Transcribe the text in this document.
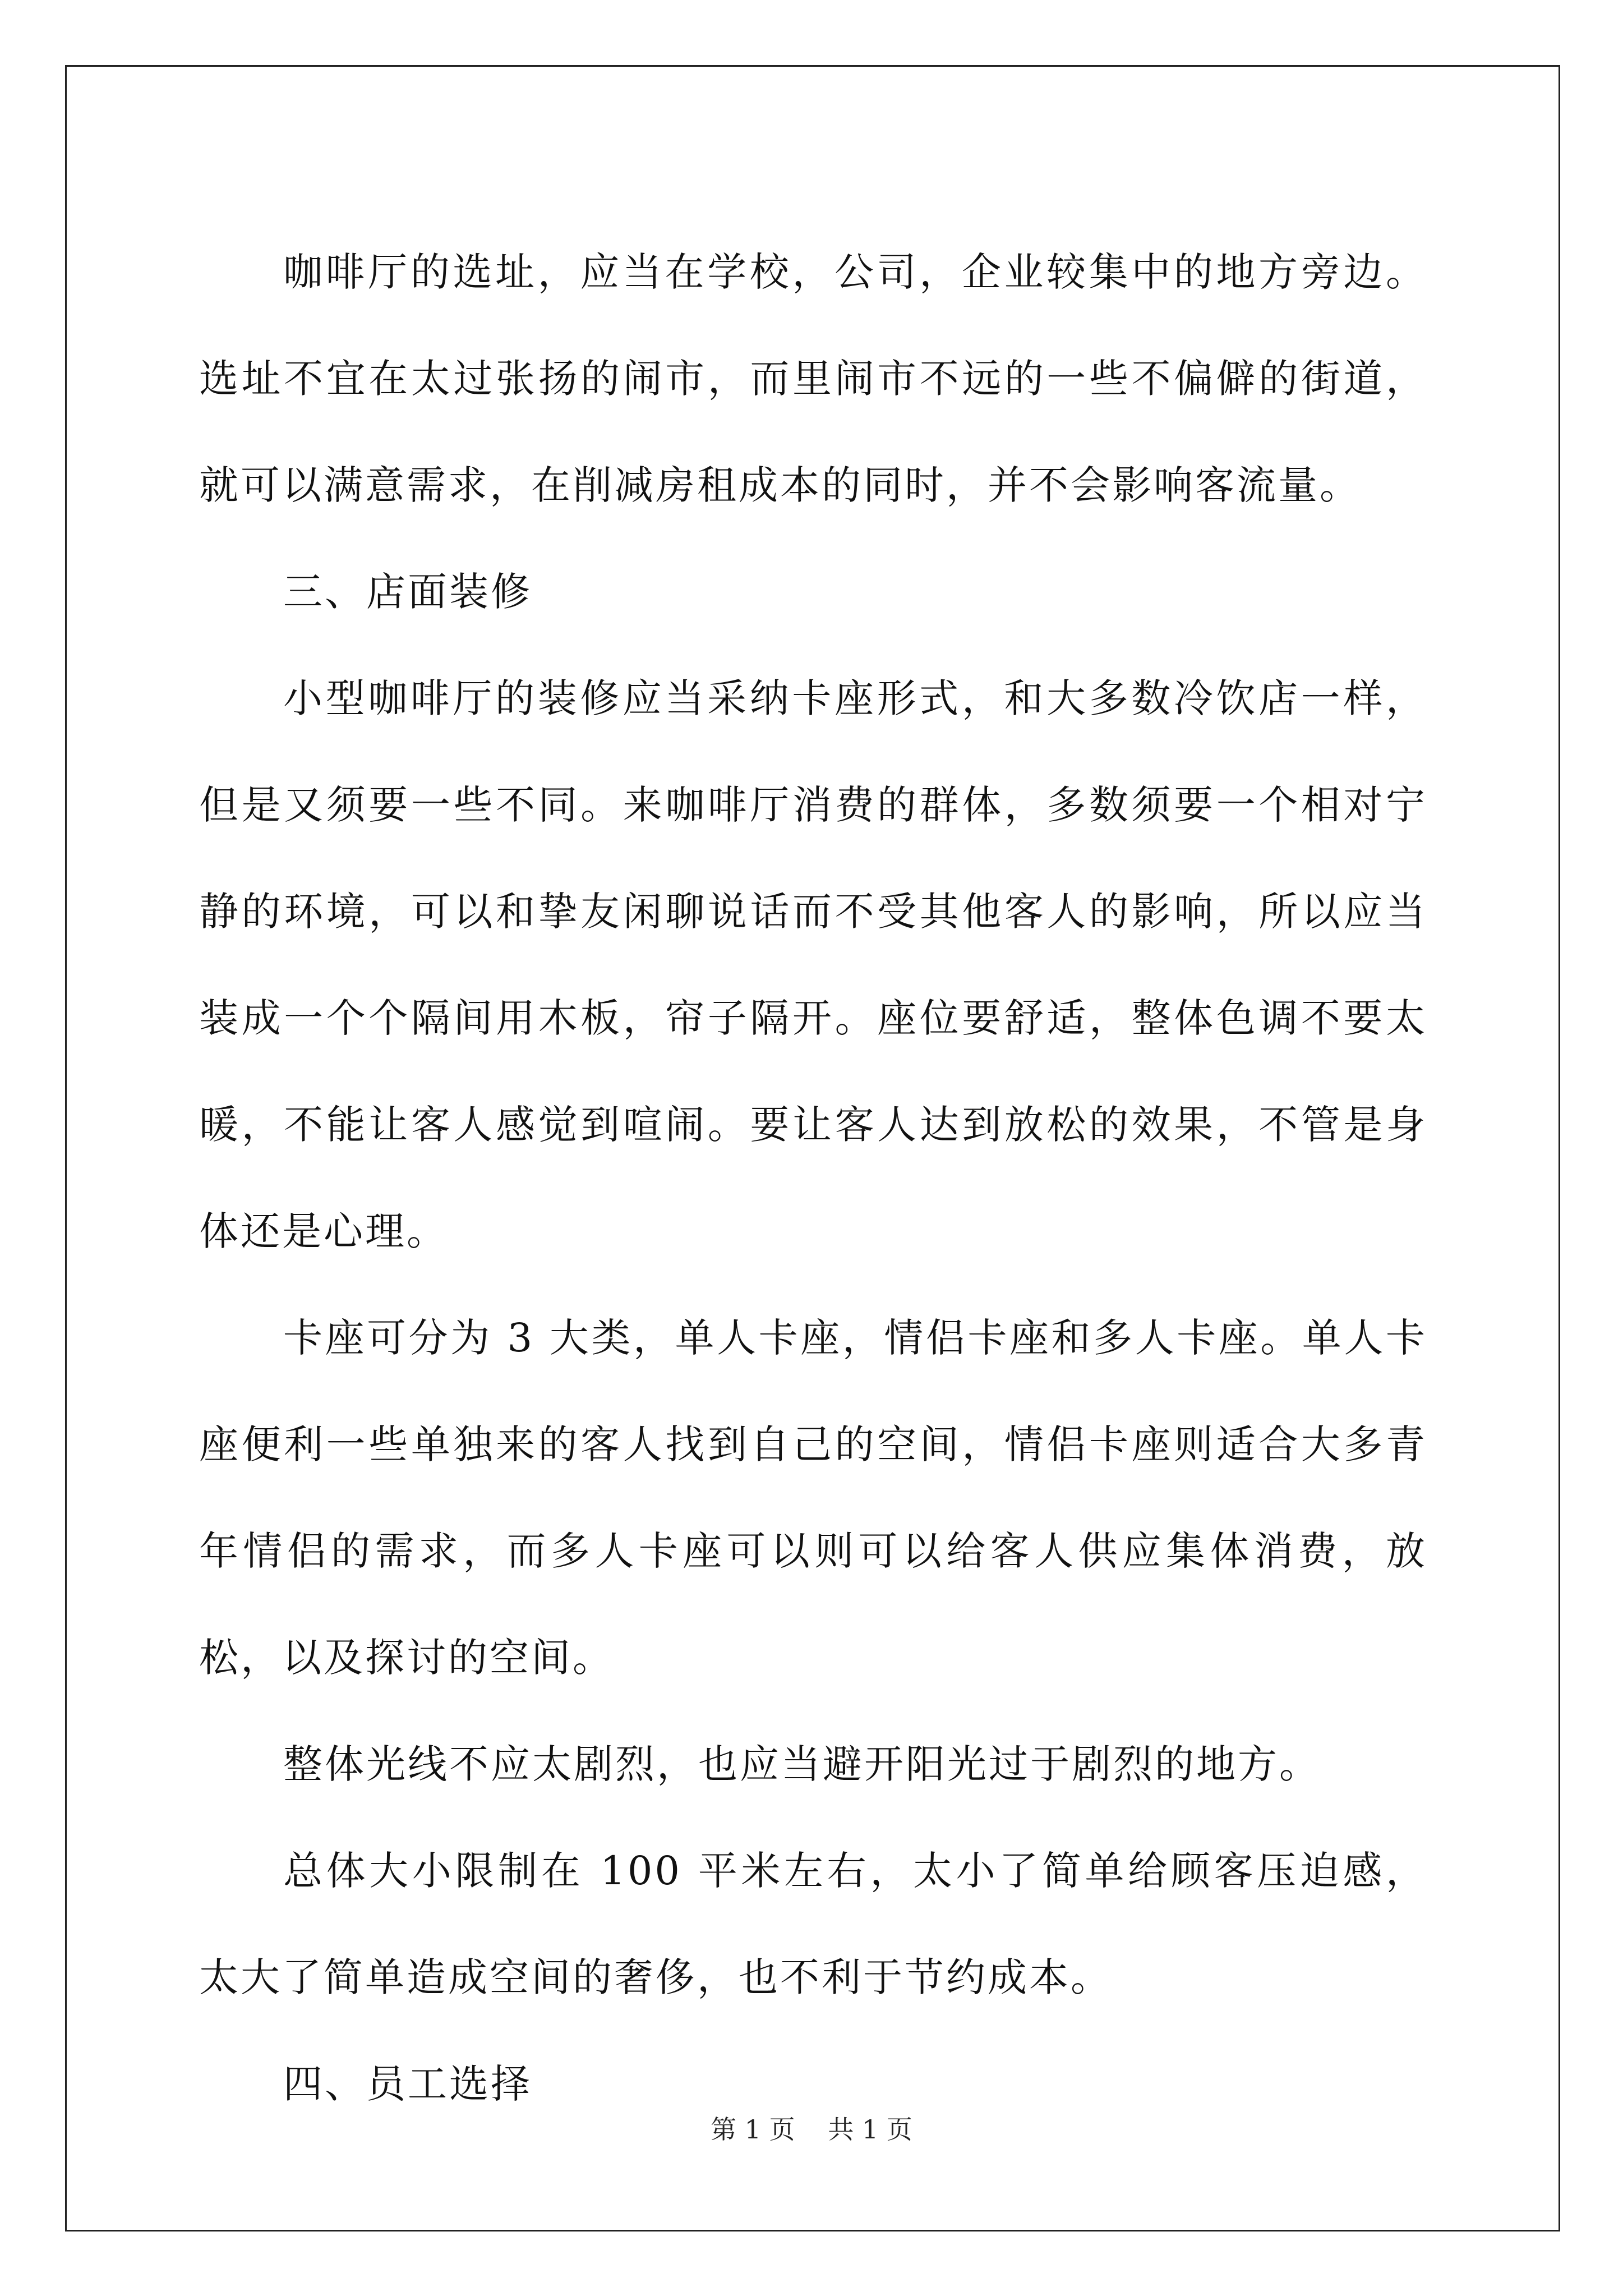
咖啡厅的选址，应当在学校，公司，企业较集中的地方旁边。选址不宜在太过张扬的闹市，而里闹市不远的一些不偏僻的街道，就可以满意需求，在削减房租成本的同时，并不会影响客流量。

三、店面装修

小型咖啡厅的装修应当采纳卡座形式，和大多数冷饮店一样，但是又须要一些不同。来咖啡厅消费的群体，多数须要一个相对宁静的环境，可以和挚友闲聊说话而不受其他客人的影响，所以应当装成一个个隔间用木板，帘子隔开。座位要舒适，整体色调不要太暖，不能让客人感觉到喧闹。要让客人达到放松的效果，不管是身体还是心理。

卡座可分为 3 大类，单人卡座，情侣卡座和多人卡座。单人卡座便利一些单独来的客人找到自己的空间，情侣卡座则适合大多青年情侣的需求，而多人卡座可以则可以给客人供应集体消费，放松，以及探讨的空间。

整体光线不应太剧烈，也应当避开阳光过于剧烈的地方。

总体大小限制在 100 平米左右，太小了简单给顾客压迫感，太大了简单造成空间的奢侈，也不利于节约成本。

四、员工选择

第 1 页 共 1 页
